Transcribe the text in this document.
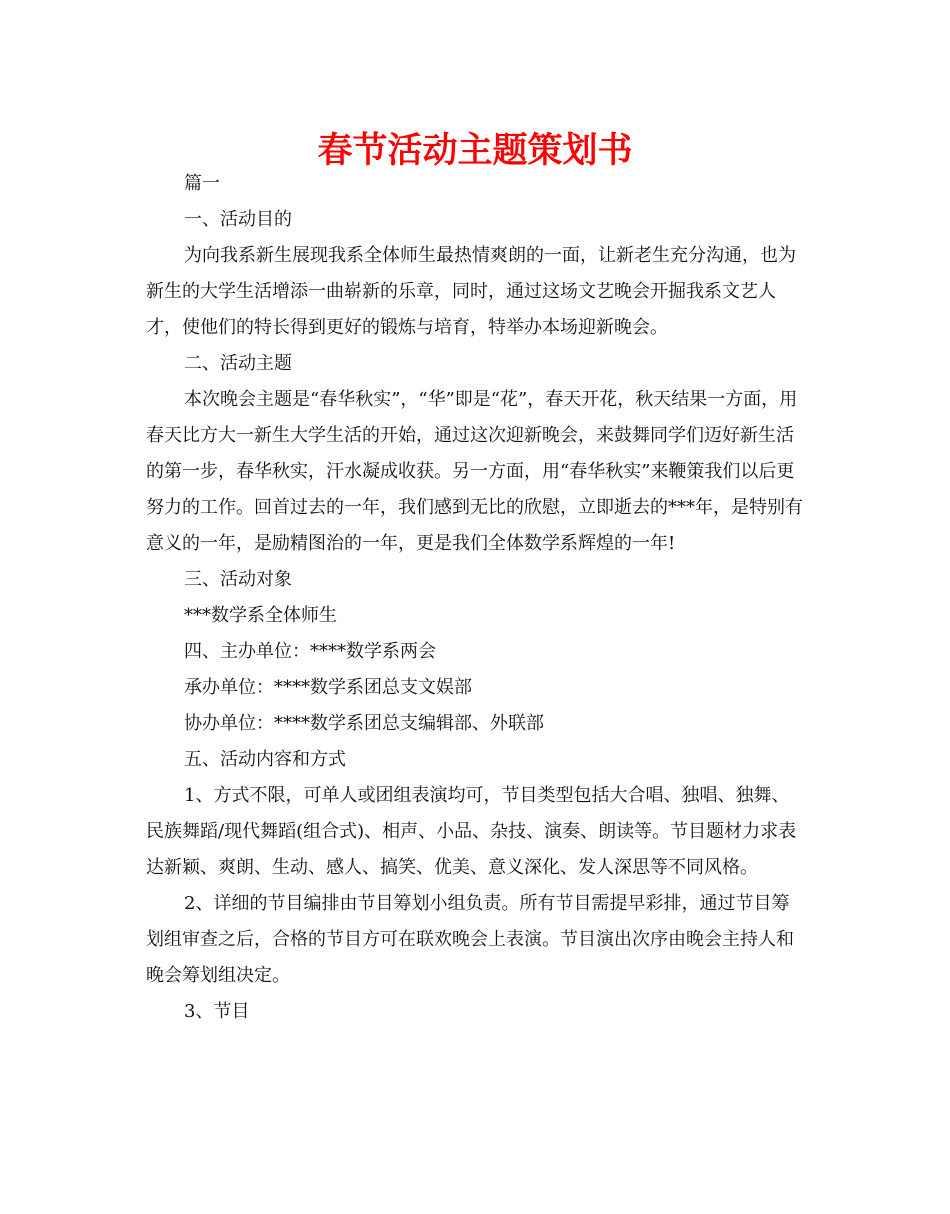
春节活动主题策划书

篇一

一、活动目的

为向我系新生展现我系全体师生最热情爽朗的一面，让新老生充分沟通，也为新生的大学生活增添一曲崭新的乐章，同时，通过这场文艺晚会开掘我系文艺人才，使他们的特长得到更好的锻炼与培育，特举办本场迎新晚会。

二、活动主题

本次晚会主题是“春华秋实”，“华”即是“花”，春天开花，秋天结果一方面，用春天比方大一新生大学生活的开始，通过这次迎新晚会，来鼓舞同学们迈好新生活的第一步，春华秋实，汗水凝成收获。另一方面，用“春华秋实”来鞭策我们以后更努力的工作。回首过去的一年，我们感到无比的欣慰，立即逝去的***年，是特别有意义的一年，是励精图治的一年，更是我们全体数学系辉煌的一年!

三、活动对象

***数学系全体师生

四、主办单位：****数学系两会

承办单位：****数学系团总支文娱部

协办单位：****数学系团总支编辑部、外联部

五、活动内容和方式

1、方式不限，可单人或团组表演均可，节目类型包括大合唱、独唱、独舞、民族舞蹈/现代舞蹈(组合式)、相声、小品、杂技、演奏、朗读等。节目题材力求表达新颖、爽朗、生动、感人、搞笑、优美、意义深化、发人深思等不同风格。

2、详细的节目编排由节目筹划小组负责。所有节目需提早彩排，通过节目筹划组审查之后，合格的节目方可在联欢晚会上表演。节目演出次序由晚会主持人和晚会筹划组决定。

3、节目
